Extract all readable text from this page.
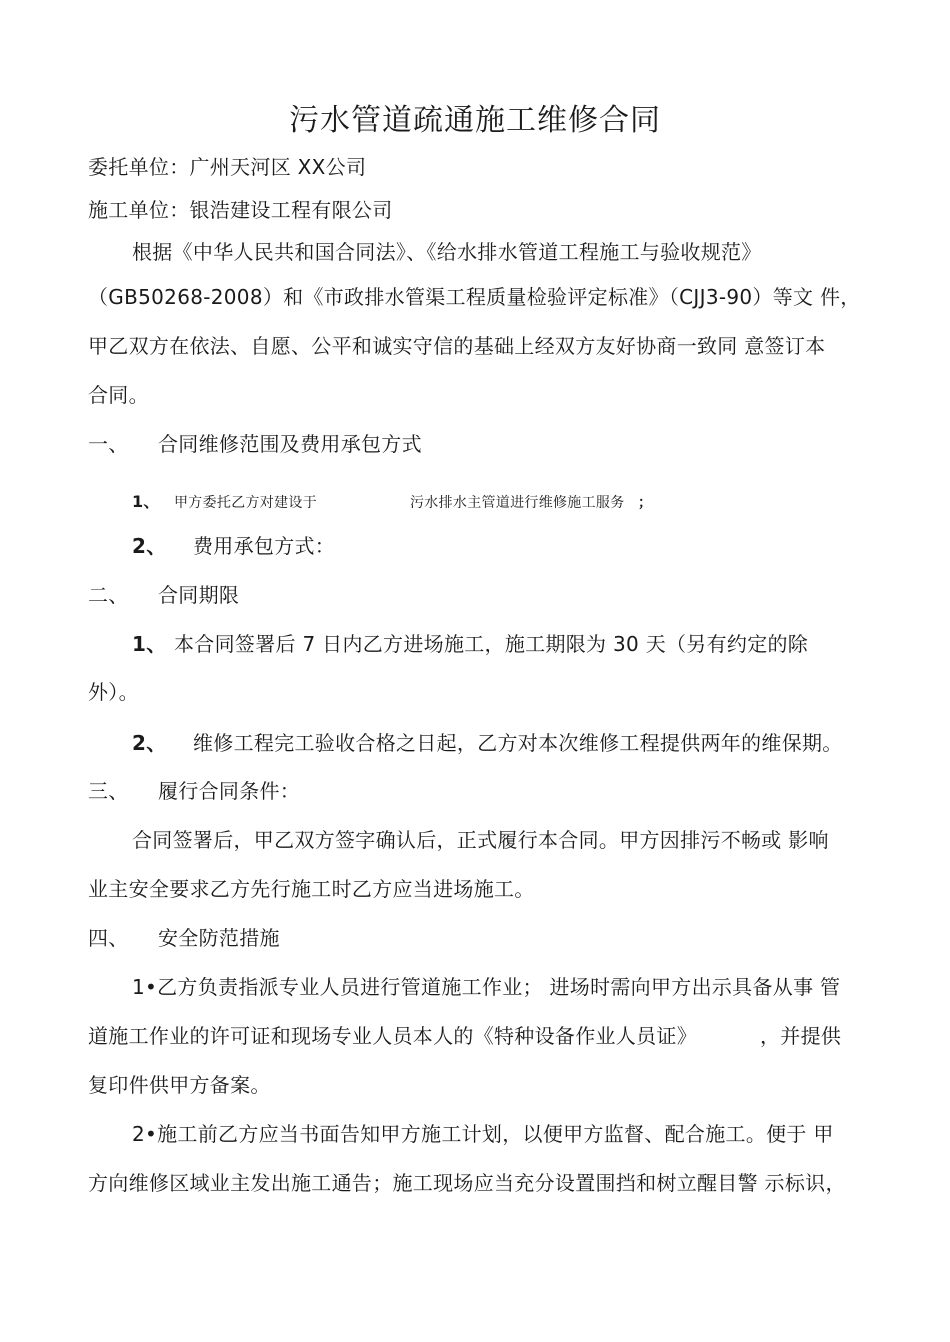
污水管道疏通施工维修合同
委托单位：广州天河区 XX公司
施工单位：银浩建设工程有限公司
根据《中华人民共和国合同法》、《给水排水管道工程施工与验收规范》
（GB50268-2008）和《市政排水管渠工程质量检验评定标准》（CJJ3-90）等文 件，
甲乙双方在依法、自愿、公平和诚实守信的基础上经双方友好协商一致同 意签订本
合同。
一、 合同维修范围及费用承包方式
1、 甲方委托乙方对建设于	污水排水主管道进行维修施工服务 ；
2、 费用承包方式：
二、 合同期限
1、 本合同签署后 7 日内乙方进场施工，施工期限为 30 天（另有约定的除
外）。
2、 维修工程完工验收合格之日起，乙方对本次维修工程提供两年的维保期。
三、 履行合同条件：
合同签署后，甲乙双方签字确认后，正式履行本合同。甲方因排污不畅或 影响
业主安全要求乙方先行施工时乙方应当进场施工。
四、 安全防范措施
1•乙方负责指派专业人员进行管道施工作业； 进场时需向甲方出示具备从事 管
道施工作业的许可证和现场专业人员本人的《特种设备作业人员证》	，并提供
复印件供甲方备案。
2•施工前乙方应当书面告知甲方施工计划，以便甲方监督、配合施工。便于 甲
方向维修区域业主发出施工通告；施工现场应当充分设置围挡和树立醒目警 示标识，
